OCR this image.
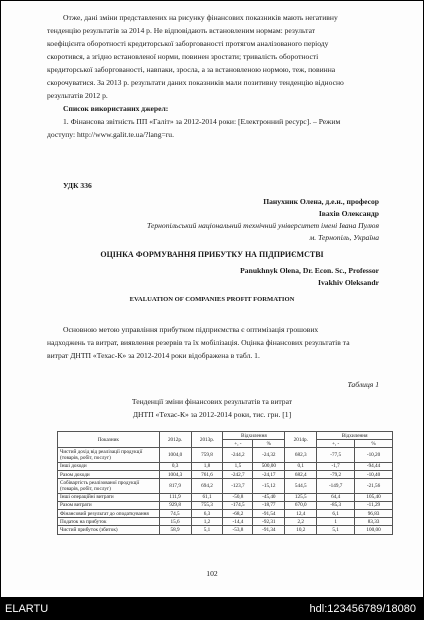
Отже, дані зміни представлених на рисунку фінансових показників мають негативну
тенденцію результатів за 2014 р. Не відповідають встановленим нормам: результат
коефіцієнта оборотності кредиторської заборгованості протягом аналізованого періоду
скоротився, а згідно встановленої норми, повинен зростати; тривалість оборотності
кредиторської заборгованості, навпаки, зросла, а за встановленою нормою, теж, повинна
скорочуватися. За 2013 р. результати даних показників мали позитивну тенденцію відносно
результатів 2012 р.
Список використаних джерел:
1. Фінансова звітність ПП «Галіт» за 2012-2014 роки: [Електронний ресурс]. – Режим
доступу: http://www.galit.te.ua/?lang=ru.
УДК 336
Панухник Олена, д.е.н., професор
Івахів Олександр
Тернопільський національний технічний університет імені Івана Пулюя
м. Тернопіль, Україна
ОЦІНКА ФОРМУВАННЯ ПРИБУТКУ НА ПІДПРИЄМСТВІ
Panukhnyk Olena, Dr. Econ. Sc., Professor
Ivakhiv Oleksandr
EVALUATION OF COMPANIES PROFIT FORMATION
Основною метою управління прибутком підприємства є оптимізація грошових
надходжень та витрат, виявлення резервів та їх мобілізація. Оцінка фінансових результатів та
витрат ДНТП «Техас-К» за 2012-2014 роки відображена в табл. 1.
Таблиця 1
Тенденції зміни фінансових результатів та витрат
ДНТП «Техас-К» за 2012-2014 роки, тис. грн. [1]
Показник	2012р.	2013р.	Відхилення		2014р.	Відхилення	
			+, -	%		+, -	%
Чистий дохід від реалізації продукції (товарів, робіт, послуг)	1004,0	759,8	-244,2	-24,32	682,3	-77,5	-10,20
Інші доходи	0,3	1,8	1,5	500,00	0,1	-1,7	-94,44
Разом доходи	1004,3	761,6	-242,7	-24,17	682,4	-79,2	-10,40
Собівартість реалізованої продукції (товарів, робіт, послуг)	817,9	694,2	-123,7	-15,12	544,5	-149,7	-21,56
Інші операційні витрати	111,9	61,1	-50,8	-45,40	125,5	64,4	105,40
Разом витрати	929,8	755,3	-174,5	-18,77	670,0	-85,3	-11,29
Фінансовий результат до оподаткування	74,5	6,3	-68,2	-91,54	12,4	6,1	96,83
Податок на прибуток	15,6	1,2	-14,4	-92,31	2,2	1	83,33
Чистий прибуток (збиток)	58,9	5,1	-53,8	-91,34	10,2	5,1	100,00
102
ELARTU	hdl:123456789/18080
